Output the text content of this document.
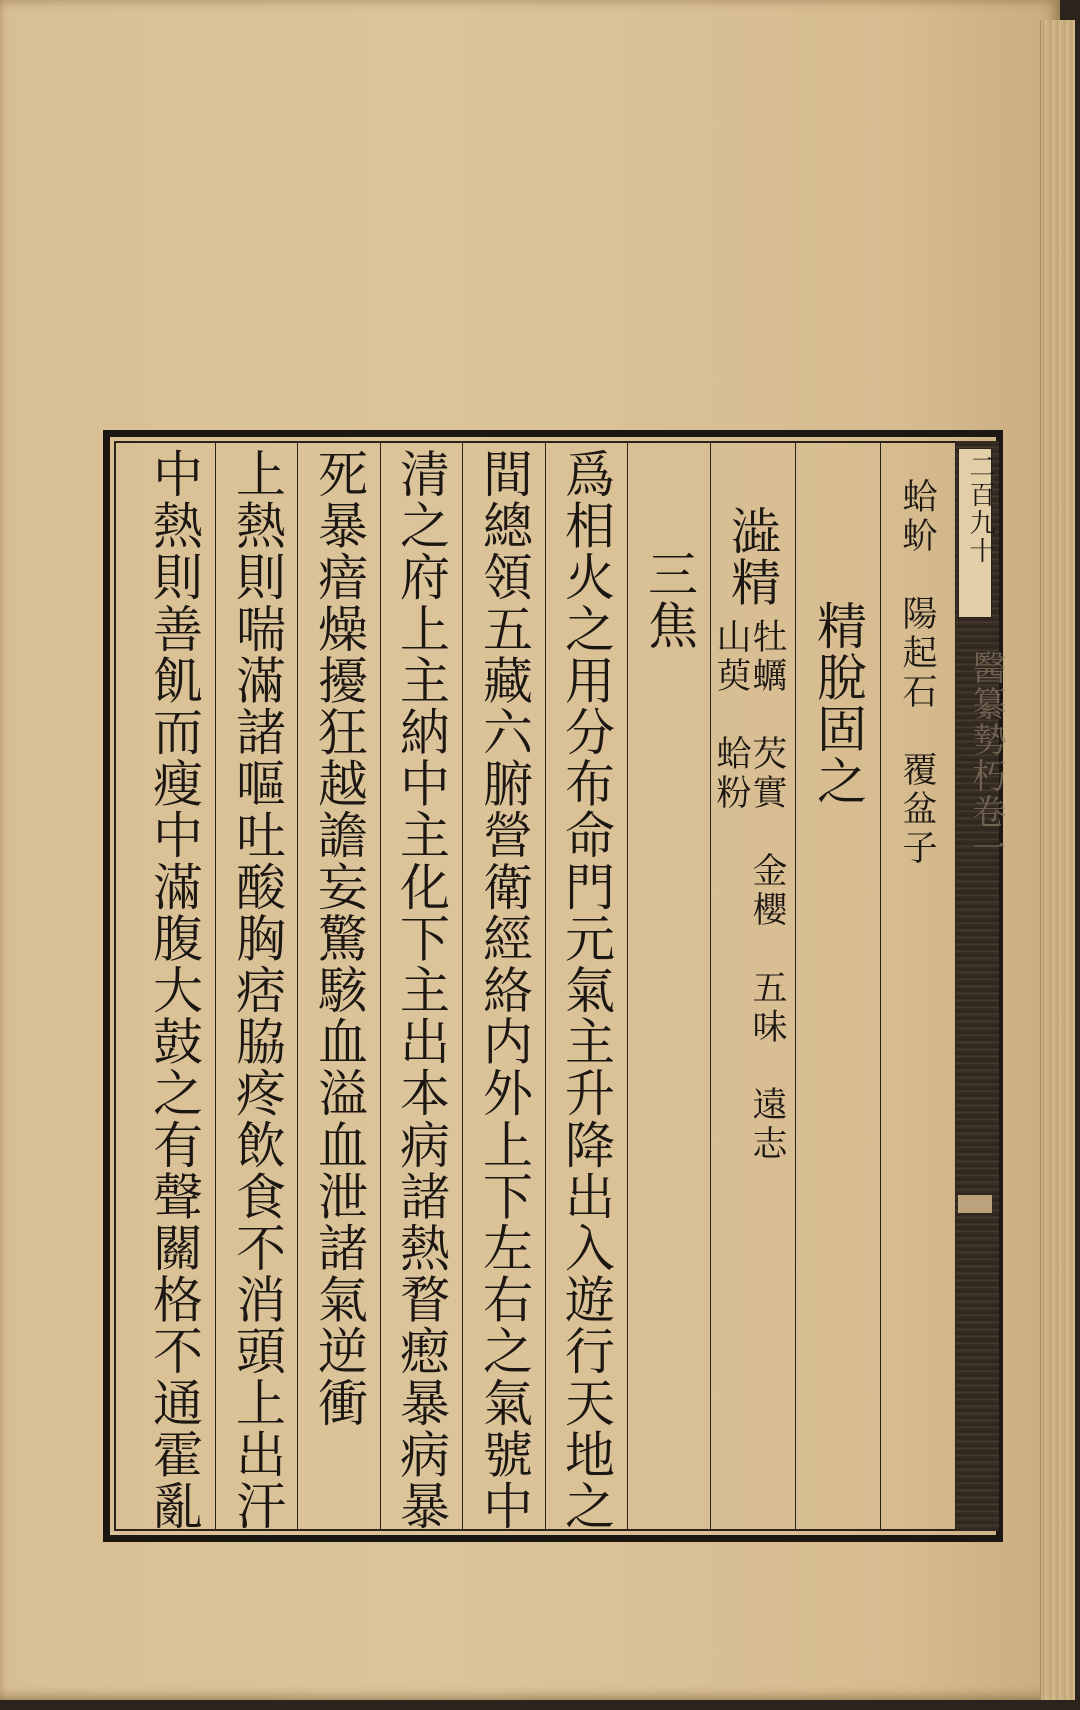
二百九十
醫纂𫝑朽卷一
蛤蚧　陽起石　覆盆子
精脫固之
澁精
牡蠣　芡實　金櫻　五味　遠志
山萸　蛤粉
三焦
爲相火之用分布命門元氣主升降出入遊行天地之
間總領五藏六腑營衛經絡内外上下左右之氣號中
清之府上主納中主化下主出本病諸熱瞀瘛暴病暴
死暴瘖燥擾狂越譫妄驚駭血溢血泄諸氣逆衝
上熱則喘滿諸嘔吐酸胸痞脇疼飲食不消頭上出汗
中熱則善飢而瘦中滿腹大鼓之有聲關格不通霍亂
